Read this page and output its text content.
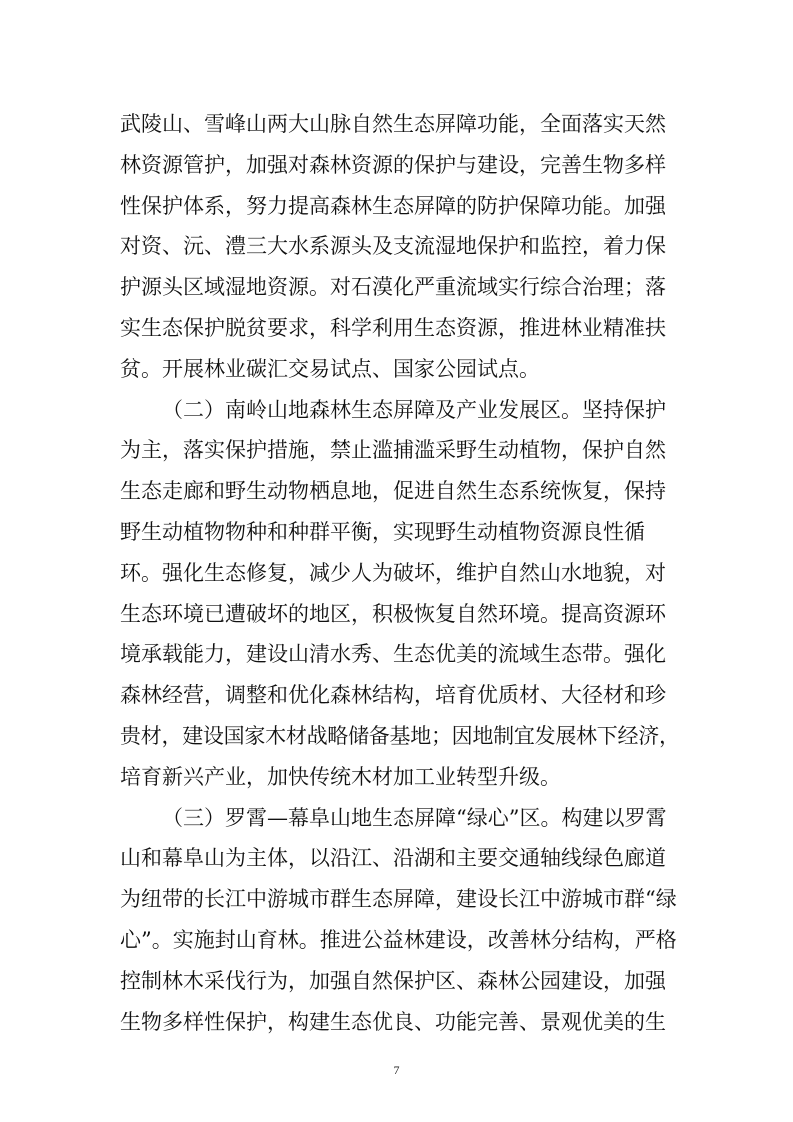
武陵山、雪峰山两大山脉自然生态屏障功能，全面落实天然
林资源管护，加强对森林资源的保护与建设，完善生物多样
性保护体系，努力提高森林生态屏障的防护保障功能。加强
对资、沅、澧三大水系源头及支流湿地保护和监控，着力保
护源头区域湿地资源。对石漠化严重流域实行综合治理；落
实生态保护脱贫要求，科学利用生态资源，推进林业精准扶
贫。开展林业碳汇交易试点、国家公园试点。
（二）南岭山地森林生态屏障及产业发展区。坚持保护
为主，落实保护措施，禁止滥捕滥采野生动植物，保护自然
生态走廊和野生动物栖息地，促进自然生态系统恢复，保持
野生动植物物种和种群平衡，实现野生动植物资源良性循
环。强化生态修复，减少人为破坏，维护自然山水地貌，对
生态环境已遭破坏的地区，积极恢复自然环境。提高资源环
境承载能力，建设山清水秀、生态优美的流域生态带。强化
森林经营，调整和优化森林结构，培育优质材、大径材和珍
贵材，建设国家木材战略储备基地；因地制宜发展林下经济，
培育新兴产业，加快传统木材加工业转型升级。
（三）罗霄—幕阜山地生态屏障“绿心”区。构建以罗霄
山和幕阜山为主体，以沿江、沿湖和主要交通轴线绿色廊道
为纽带的长江中游城市群生态屏障，建设长江中游城市群“绿
心”。实施封山育林。推进公益林建设，改善林分结构，严格
控制林木采伐行为，加强自然保护区、森林公园建设，加强
生物多样性保护，构建生态优良、功能完善、景观优美的生
7
